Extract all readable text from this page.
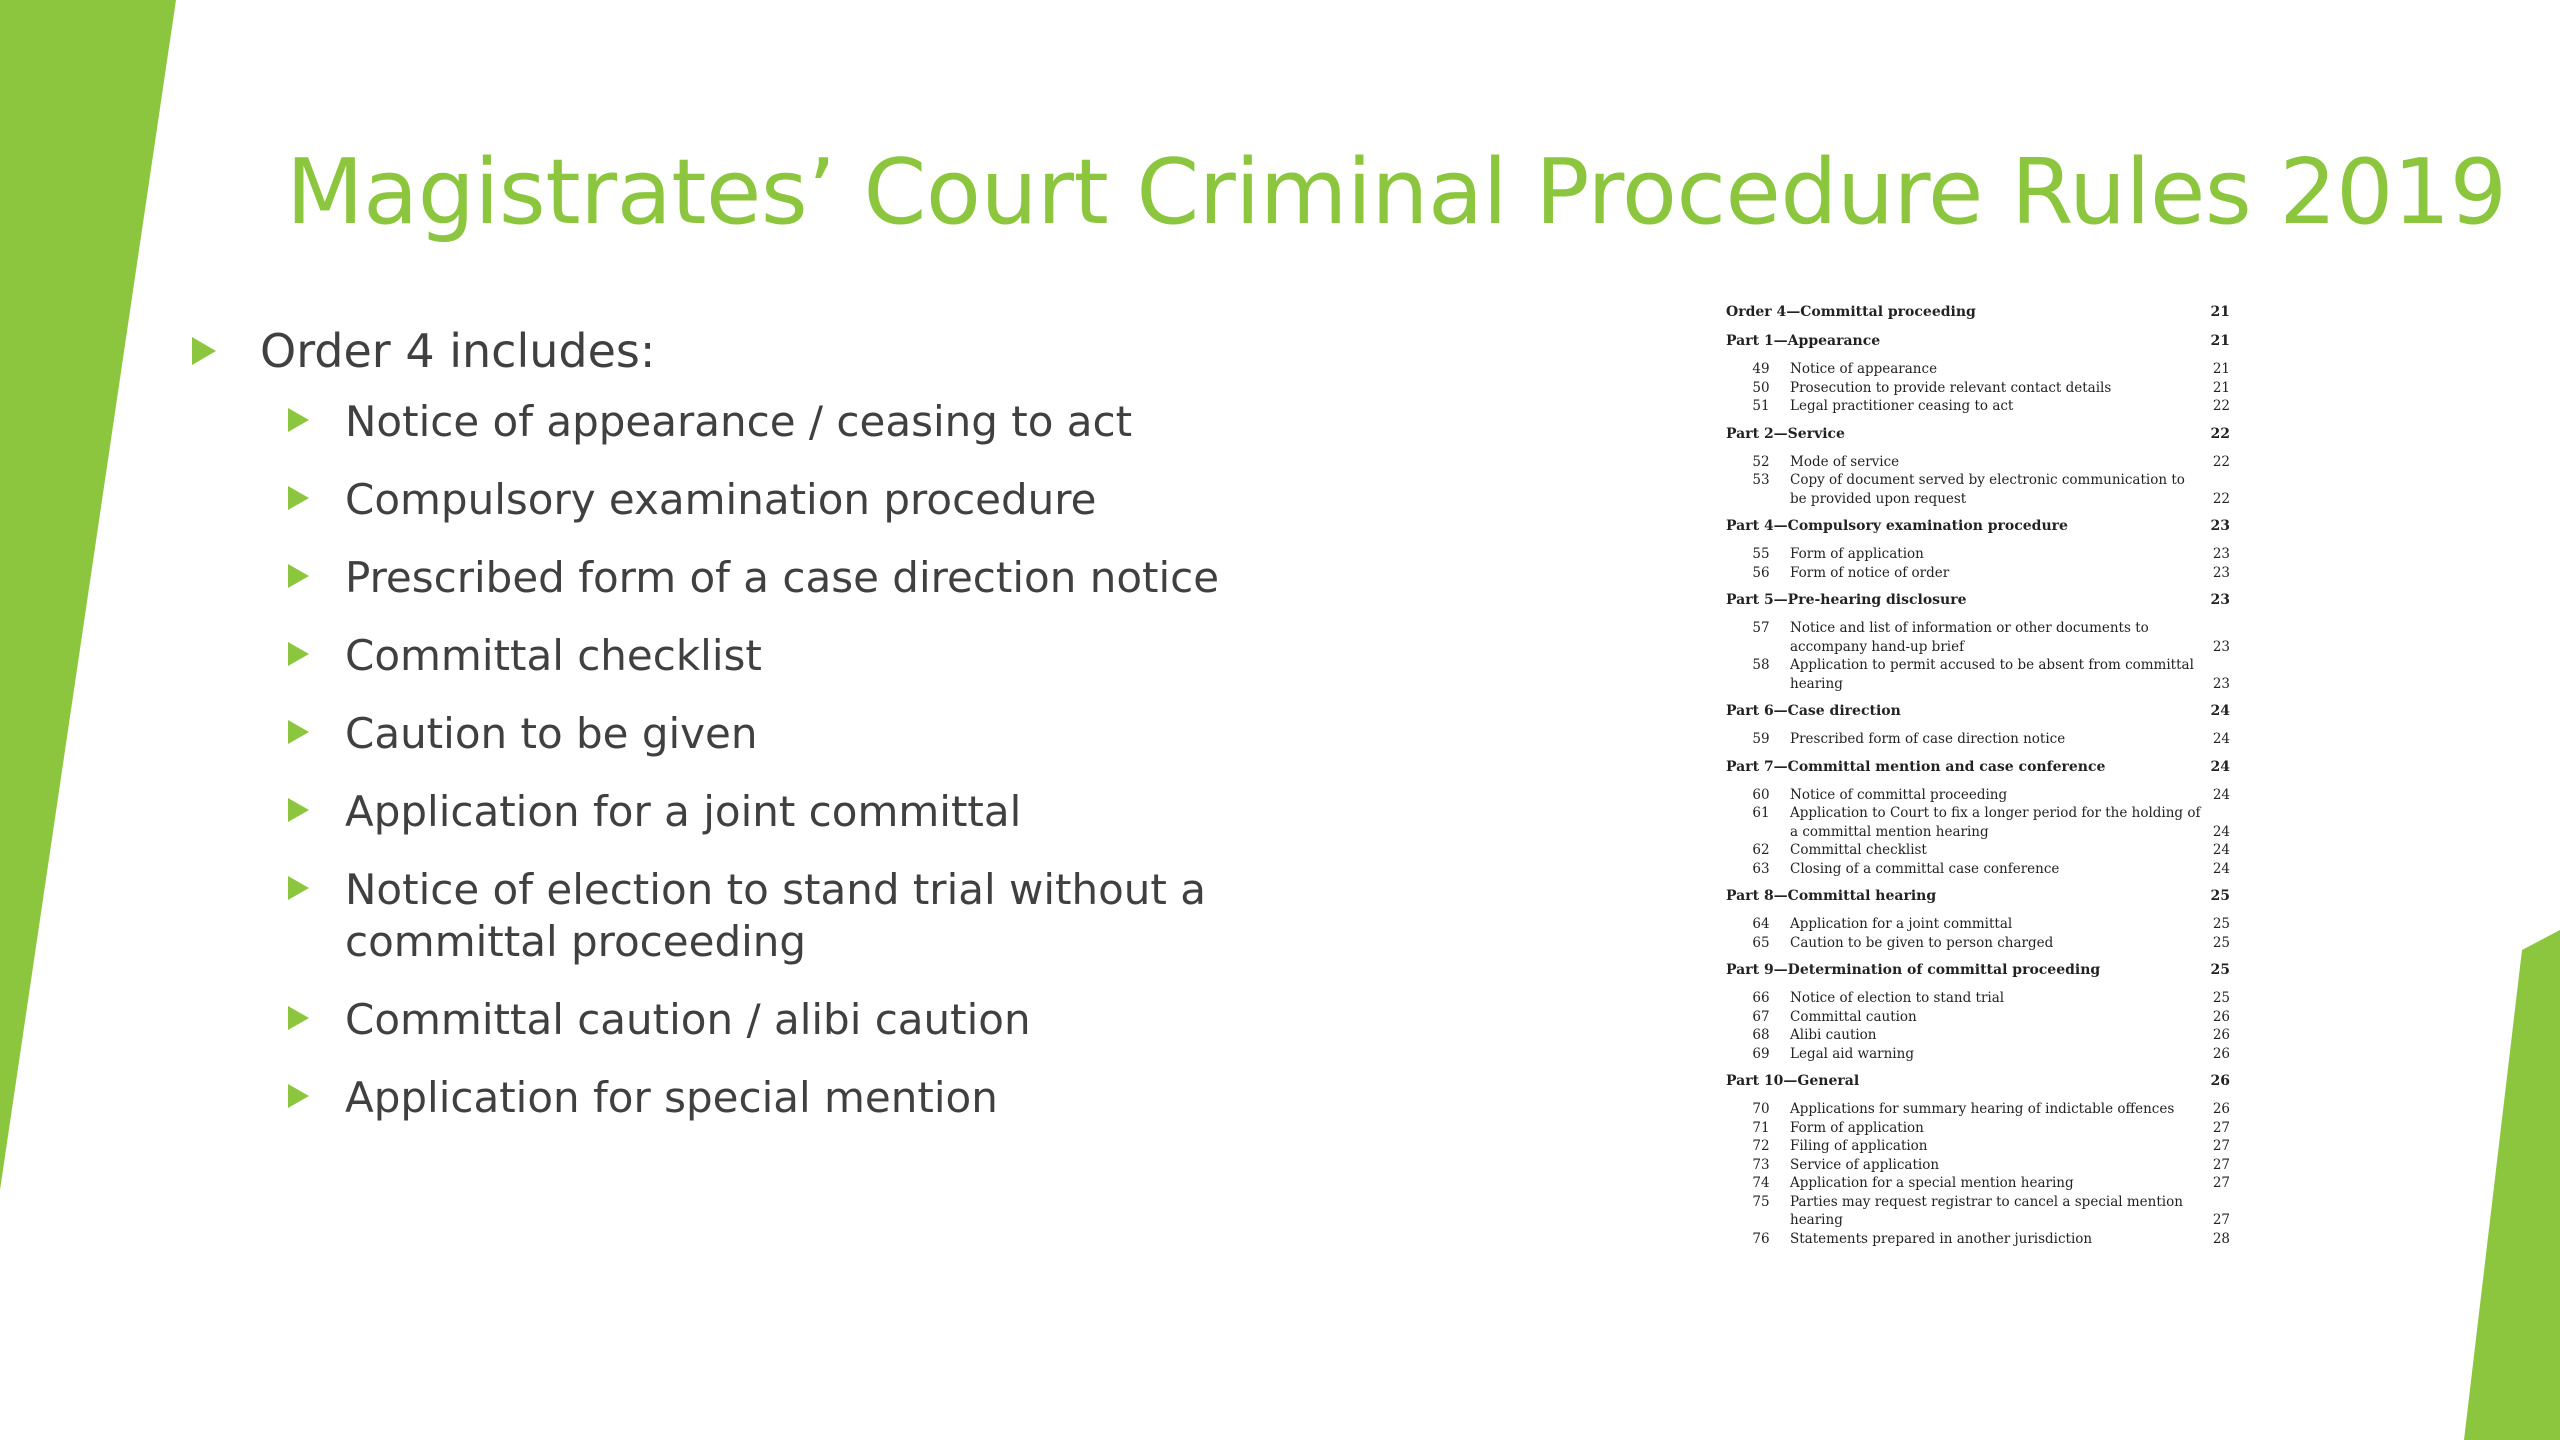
Magistrates’ Court Criminal Procedure Rules 2019
Order 4 includes:
Notice of appearance / ceasing to act
Compulsory examination procedure
Prescribed form of a case direction notice
Committal checklist
Caution to be given
Application for a joint committal
Notice of election to stand trial without a committal proceeding
Committal caution / alibi caution
Application for special mention
Order 4—Committal proceeding	21
Part 1—Appearance	21
49	Notice of appearance	21
50	Prosecution to provide relevant contact details	21
51	Legal practitioner ceasing to act	22
Part 2—Service	22
52	Mode of service	22
53	Copy of document served by electronic communication to be provided upon request	22
Part 4—Compulsory examination procedure	23
55	Form of application	23
56	Form of notice of order	23
Part 5—Pre-hearing disclosure	23
57	Notice and list of information or other documents to accompany hand-up brief	23
58	Application to permit accused to be absent from committal hearing	23
Part 6—Case direction	24
59	Prescribed form of case direction notice	24
Part 7—Committal mention and case conference	24
60	Notice of committal proceeding	24
61	Application to Court to fix a longer period for the holding of a committal mention hearing	24
62	Committal checklist	24
63	Closing of a committal case conference	24
Part 8—Committal hearing	25
64	Application for a joint committal	25
65	Caution to be given to person charged	25
Part 9—Determination of committal proceeding	25
66	Notice of election to stand trial	25
67	Committal caution	26
68	Alibi caution	26
69	Legal aid warning	26
Part 10—General	26
70	Applications for summary hearing of indictable offences	26
71	Form of application	27
72	Filing of application	27
73	Service of application	27
74	Application for a special mention hearing	27
75	Parties may request registrar to cancel a special mention hearing	27
76	Statements prepared in another jurisdiction	28
